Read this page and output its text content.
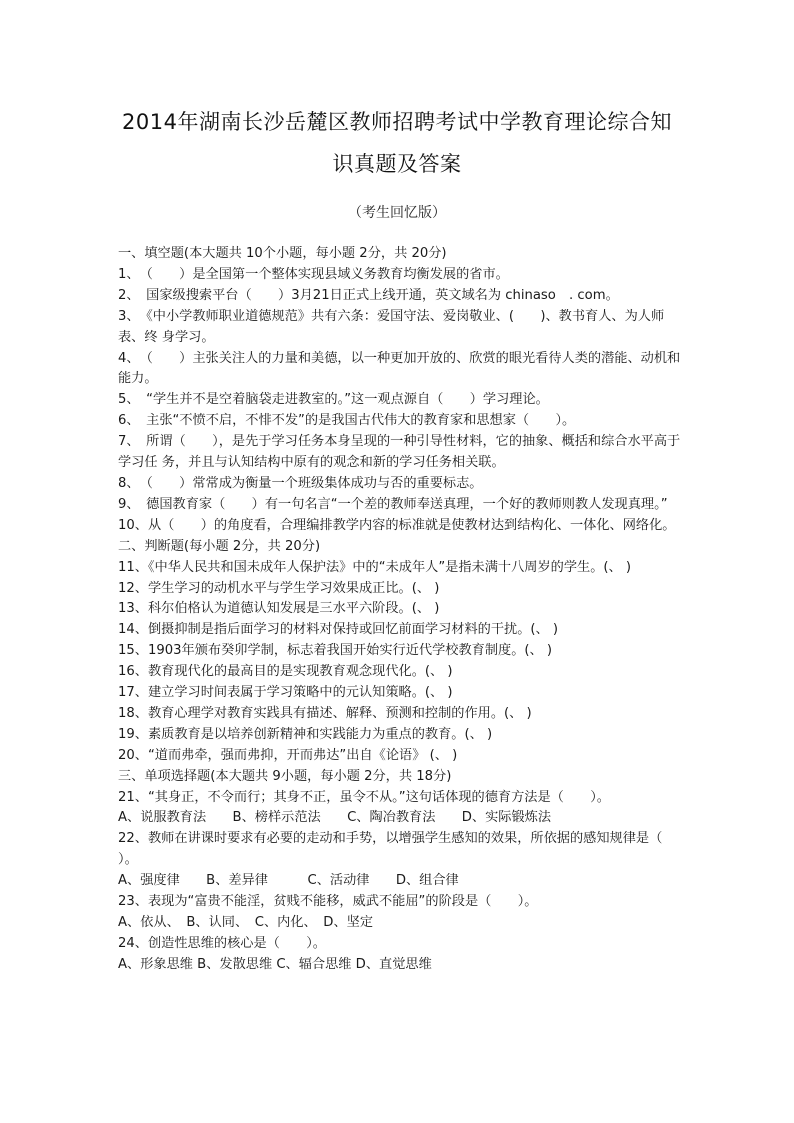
2014年湖南长沙岳麓区教师招聘考试中学教育理论综合知
识真题及答案
（考生回忆版）

一、填空题(本大题共 10个小题，每小题 2分，共 20分)

1、　（　　）是全国第一个整体实现县域义务教育均衡发展的省市。

2、　国家级搜索平台（　　）3月21日正式上线开通，英文域名为 chinaso　. com。

3、　《中小学教师职业道德规范》共有六条：爱国守法、爱岗敬业、(　　)、教书育人、为人师表、终 身学习。

4、　（　　）主张关注人的力量和美德，以一种更加开放的、欣赏的眼光看待人类的潜能、动机和能力。

5、　“学生并不是空着脑袋走进教室的。”这一观点源自（　　）学习理论。

6、　主张“不愤不启，不悱不发”的是我国古代伟大的教育家和思想家（　　）。

7、　所谓（　　），是先于学习任务本身呈现的一种引导性材料，它的抽象、概括和综合水平高于学习任 务，并且与认知结构中原有的观念和新的学习任务相关联。

8、　（　　）常常成为衡量一个班级集体成功与否的重要标志。

9、　德国教育家（　　）有一句名言“一个差的教师奉送真理，一个好的教师则教人发现真理。”

10、从（　　）的角度看，合理编排教学内容的标准就是使教材达到结构化、一体化、网络化。

二、判断题(每小题 2分，共 20分)

11、《中华人民共和国未成年人保护法》中的“未成年人”是指未满十八周岁的学生。(、 )

12、学生学习的动机水平与学生学习效果成正比。(、 )

13、科尔伯格认为道德认知发展是三水平六阶段。(、 )

14、倒摄抑制是指后面学习的材料对保持或回忆前面学习材料的干扰。(、 )

15、1903年颁布癸卯学制，标志着我国开始实行近代学校教育制度。(、 )

16、教育现代化的最高目的是实现教育观念现代化。(、 )

17、建立学习时间表属于学习策略中的元认知策略。(、 )

18、教育心理学对教育实践具有描述、解释、预测和控制的作用。(、 )

19、素质教育是以培养创新精神和实践能力为重点的教育。(、 )

20、“道而弗牵，强而弗抑，开而弗达”出自《论语》 (、 )

三、单项选择题(本大题共 9小题，每小题 2分，共 18分)

21、“其身正，不令而行；其身不正，虽令不从。”这句话体现的德育方法是（　　）。

A、说服教育法　　B、榜样示范法　　C、陶冶教育法　　D、实际锻炼法

22、教师在讲课时要求有必要的走动和手势，以增强学生感知的效果，所依据的感知规律是（　　）。

A、强度律　　B、差异律　　　C、活动律　　D、组合律

23、表现为“富贵不能淫，贫贱不能移，威武不能屈”的阶段是（　　）。

A、依从、　B、认同、　C、内化、　D、坚定

24、创造性思维的核心是（　　）。

A、形象思维 B、发散思维 C、辐合思维 D、直觉思维
